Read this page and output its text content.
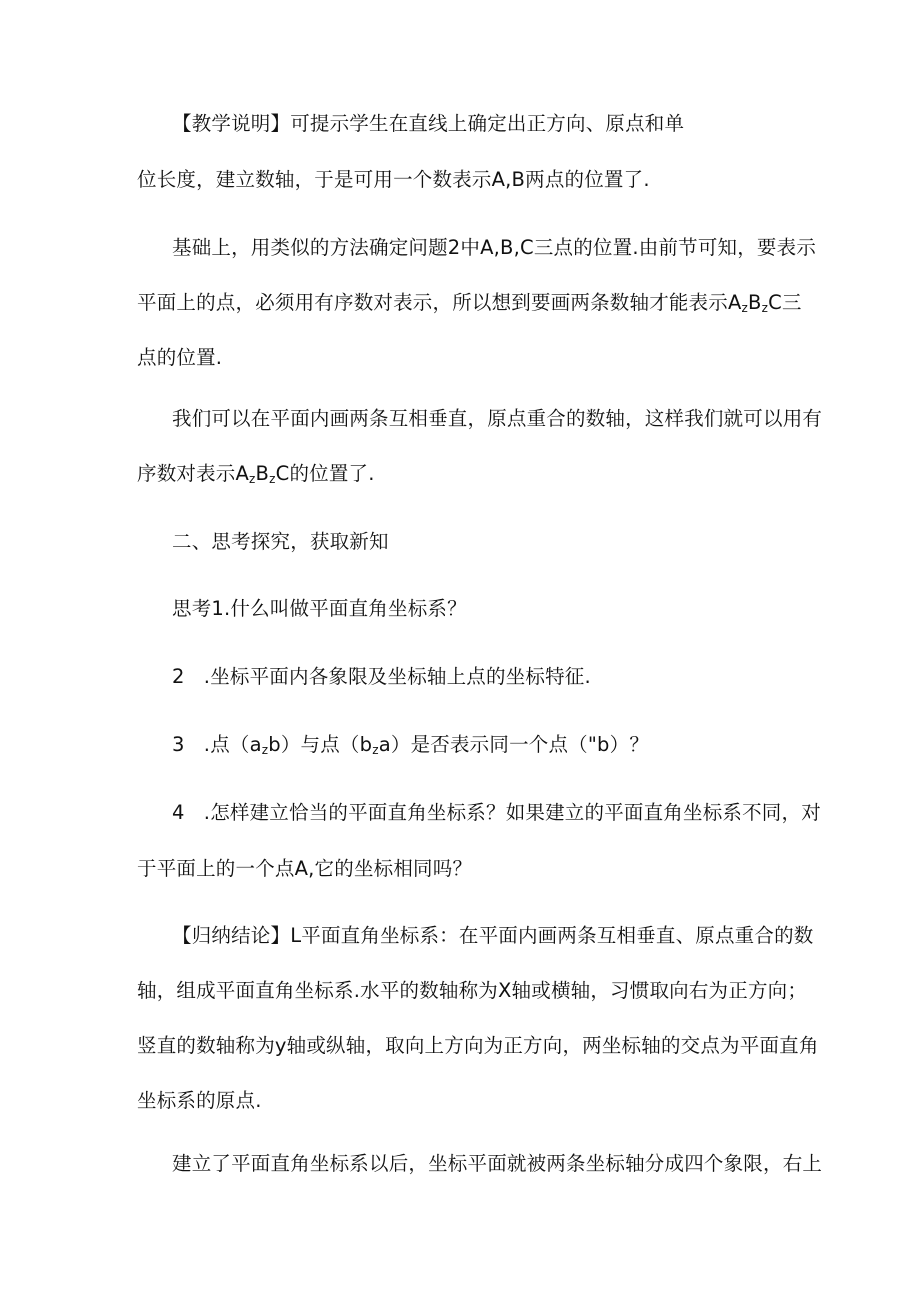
【教学说明】可提示学生在直线上确定出正方向、原点和单
位长度，建立数轴，于是可用一个数表示A,B两点的位置了.
基础上，用类似的方法确定问题2中A,B,C三点的位置.由前节可知，要表示
平面上的点，必须用有序数对表示，所以想到要画两条数轴才能表示$A_zB_zC$三
点的位置.
我们可以在平面内画两条互相垂直，原点重合的数轴，这样我们就可以用有
序数对表示$A_zB_zC$的位置了.
二、思考探究，获取新知
思考1.什么叫做平面直角坐标系？
2   .坐标平面内各象限及坐标轴上点的坐标特征.
3   .点$(a_zb)$与点$(b_za)$是否表示同一个点（"b）？
4   .怎样建立恰当的平面直角坐标系？如果建立的平面直角坐标系不同，对
于平面上的一个点A,它的坐标相同吗？
【归纳结论】L平面直角坐标系：在平面内画两条互相垂直、原点重合的数
轴，组成平面直角坐标系.水平的数轴称为X轴或横轴，习惯取向右为正方向；
竖直的数轴称为y轴或纵轴，取向上方向为正方向，两坐标轴的交点为平面直角
坐标系的原点.
建立了平面直角坐标系以后，坐标平面就被两条坐标轴分成四个象限，右上
